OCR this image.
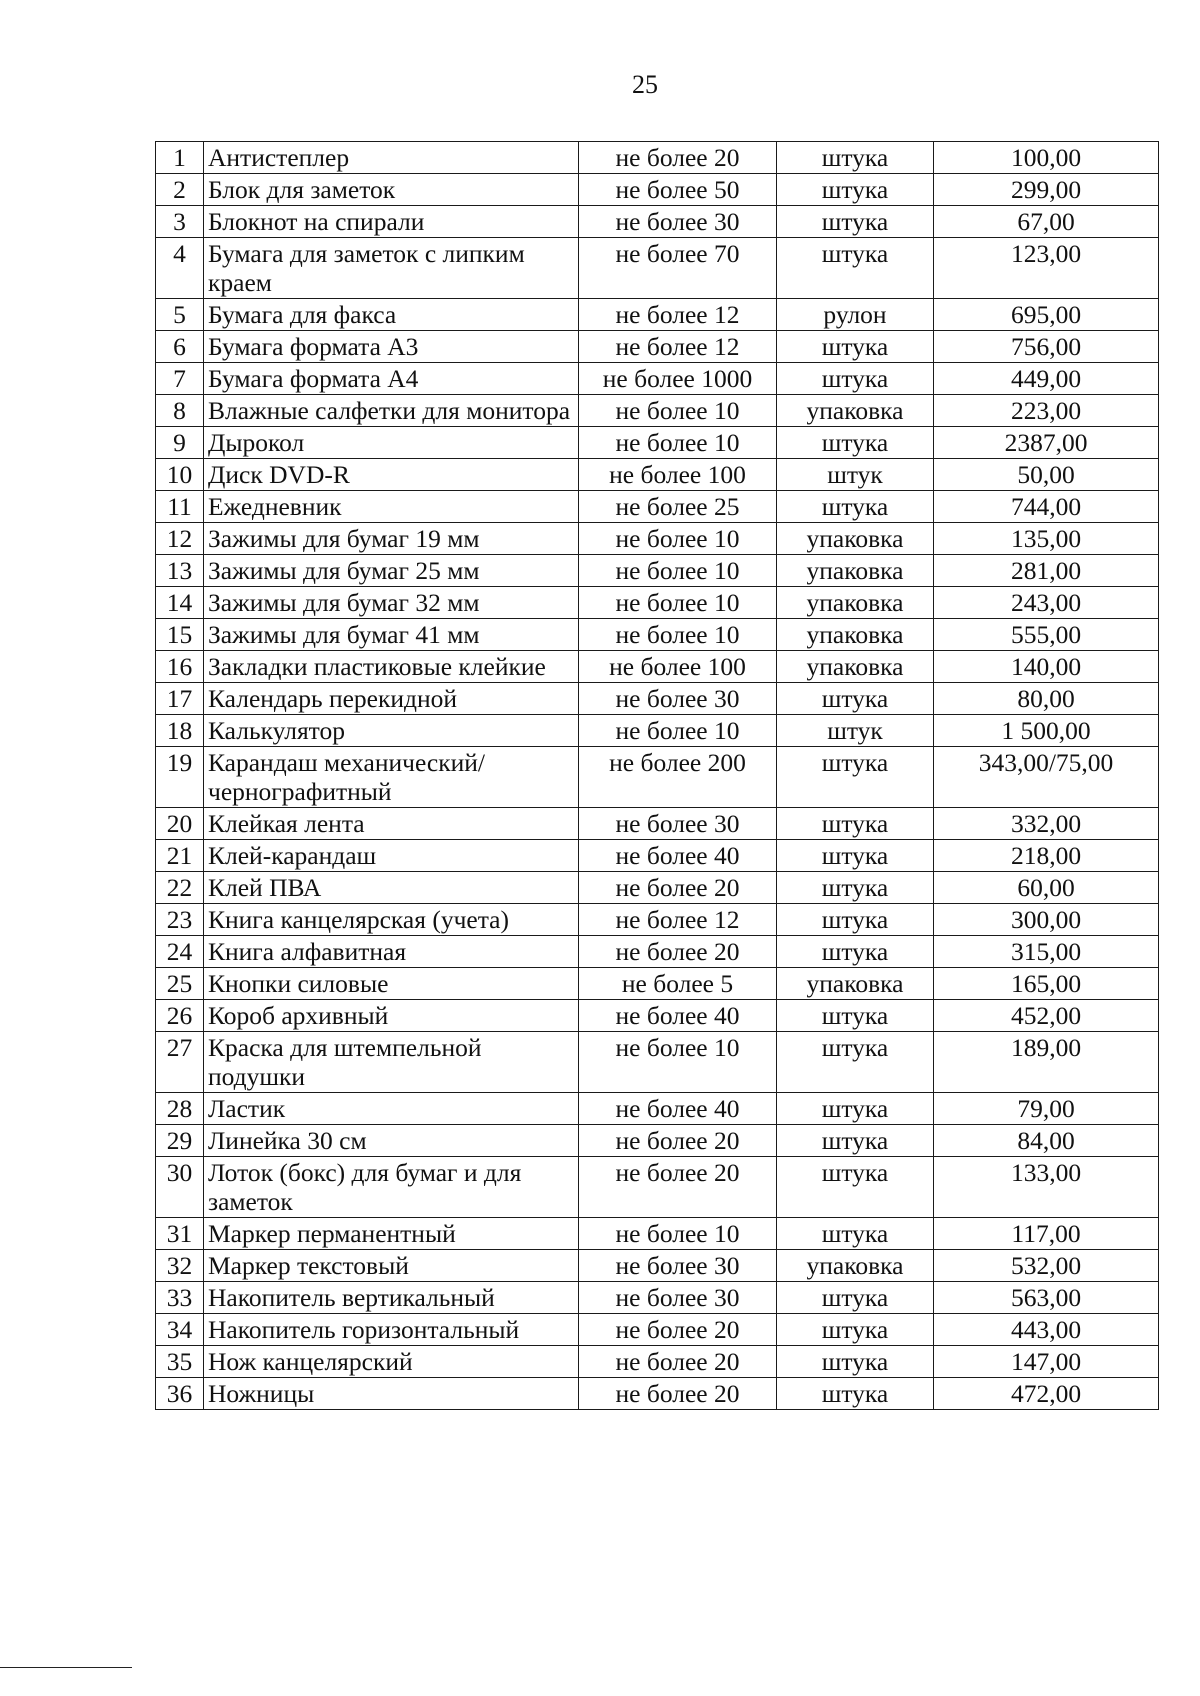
25
1	Антистеплер	не более 20	штука	100,00
2	Блок для заметок	не более 50	штука	299,00
3	Блокнот на спирали	не более 30	штука	67,00
4	Бумага для заметок с липким краем	не более 70	штука	123,00
5	Бумага для факса	не более 12	рулон	695,00
6	Бумага формата А3	не более 12	штука	756,00
7	Бумага формата А4	не более 1000	штука	449,00
8	Влажные салфетки для монитора	не более 10	упаковка	223,00
9	Дырокол	не более 10	штука	2387,00
10	Диск DVD-R	не более 100	штук	50,00
11	Ежедневник	не более 25	штука	744,00
12	Зажимы для бумаг 19 мм	не более 10	упаковка	135,00
13	Зажимы для бумаг 25 мм	не более 10	упаковка	281,00
14	Зажимы для бумаг 32 мм	не более 10	упаковка	243,00
15	Зажимы для бумаг 41 мм	не более 10	упаковка	555,00
16	Закладки пластиковые клейкие	не более 100	упаковка	140,00
17	Календарь перекидной	не более 30	штука	80,00
18	Калькулятор	не более 10	штук	1 500,00
19	Карандаш механический/ чернографитный	не более 200	штука	343,00/75,00
20	Клейкая лента	не более 30	штука	332,00
21	Клей-карандаш	не более 40	штука	218,00
22	Клей ПВА	не более 20	штука	60,00
23	Книга канцелярская (учета)	не более 12	штука	300,00
24	Книга алфавитная	не более 20	штука	315,00
25	Кнопки силовые	не более 5	упаковка	165,00
26	Короб архивный	не более 40	штука	452,00
27	Краска для штемпельной подушки	не более 10	штука	189,00
28	Ластик	не более 40	штука	79,00
29	Линейка 30 см	не более 20	штука	84,00
30	Лоток (бокс) для бумаг и для заметок	не более 20	штука	133,00
31	Маркер перманентный	не более 10	штука	117,00
32	Маркер текстовый	не более 30	упаковка	532,00
33	Накопитель вертикальный	не более 30	штука	563,00
34	Накопитель горизонтальный	не более 20	штука	443,00
35	Нож канцелярский	не более 20	штука	147,00
36	Ножницы	не более 20	штука	472,00
